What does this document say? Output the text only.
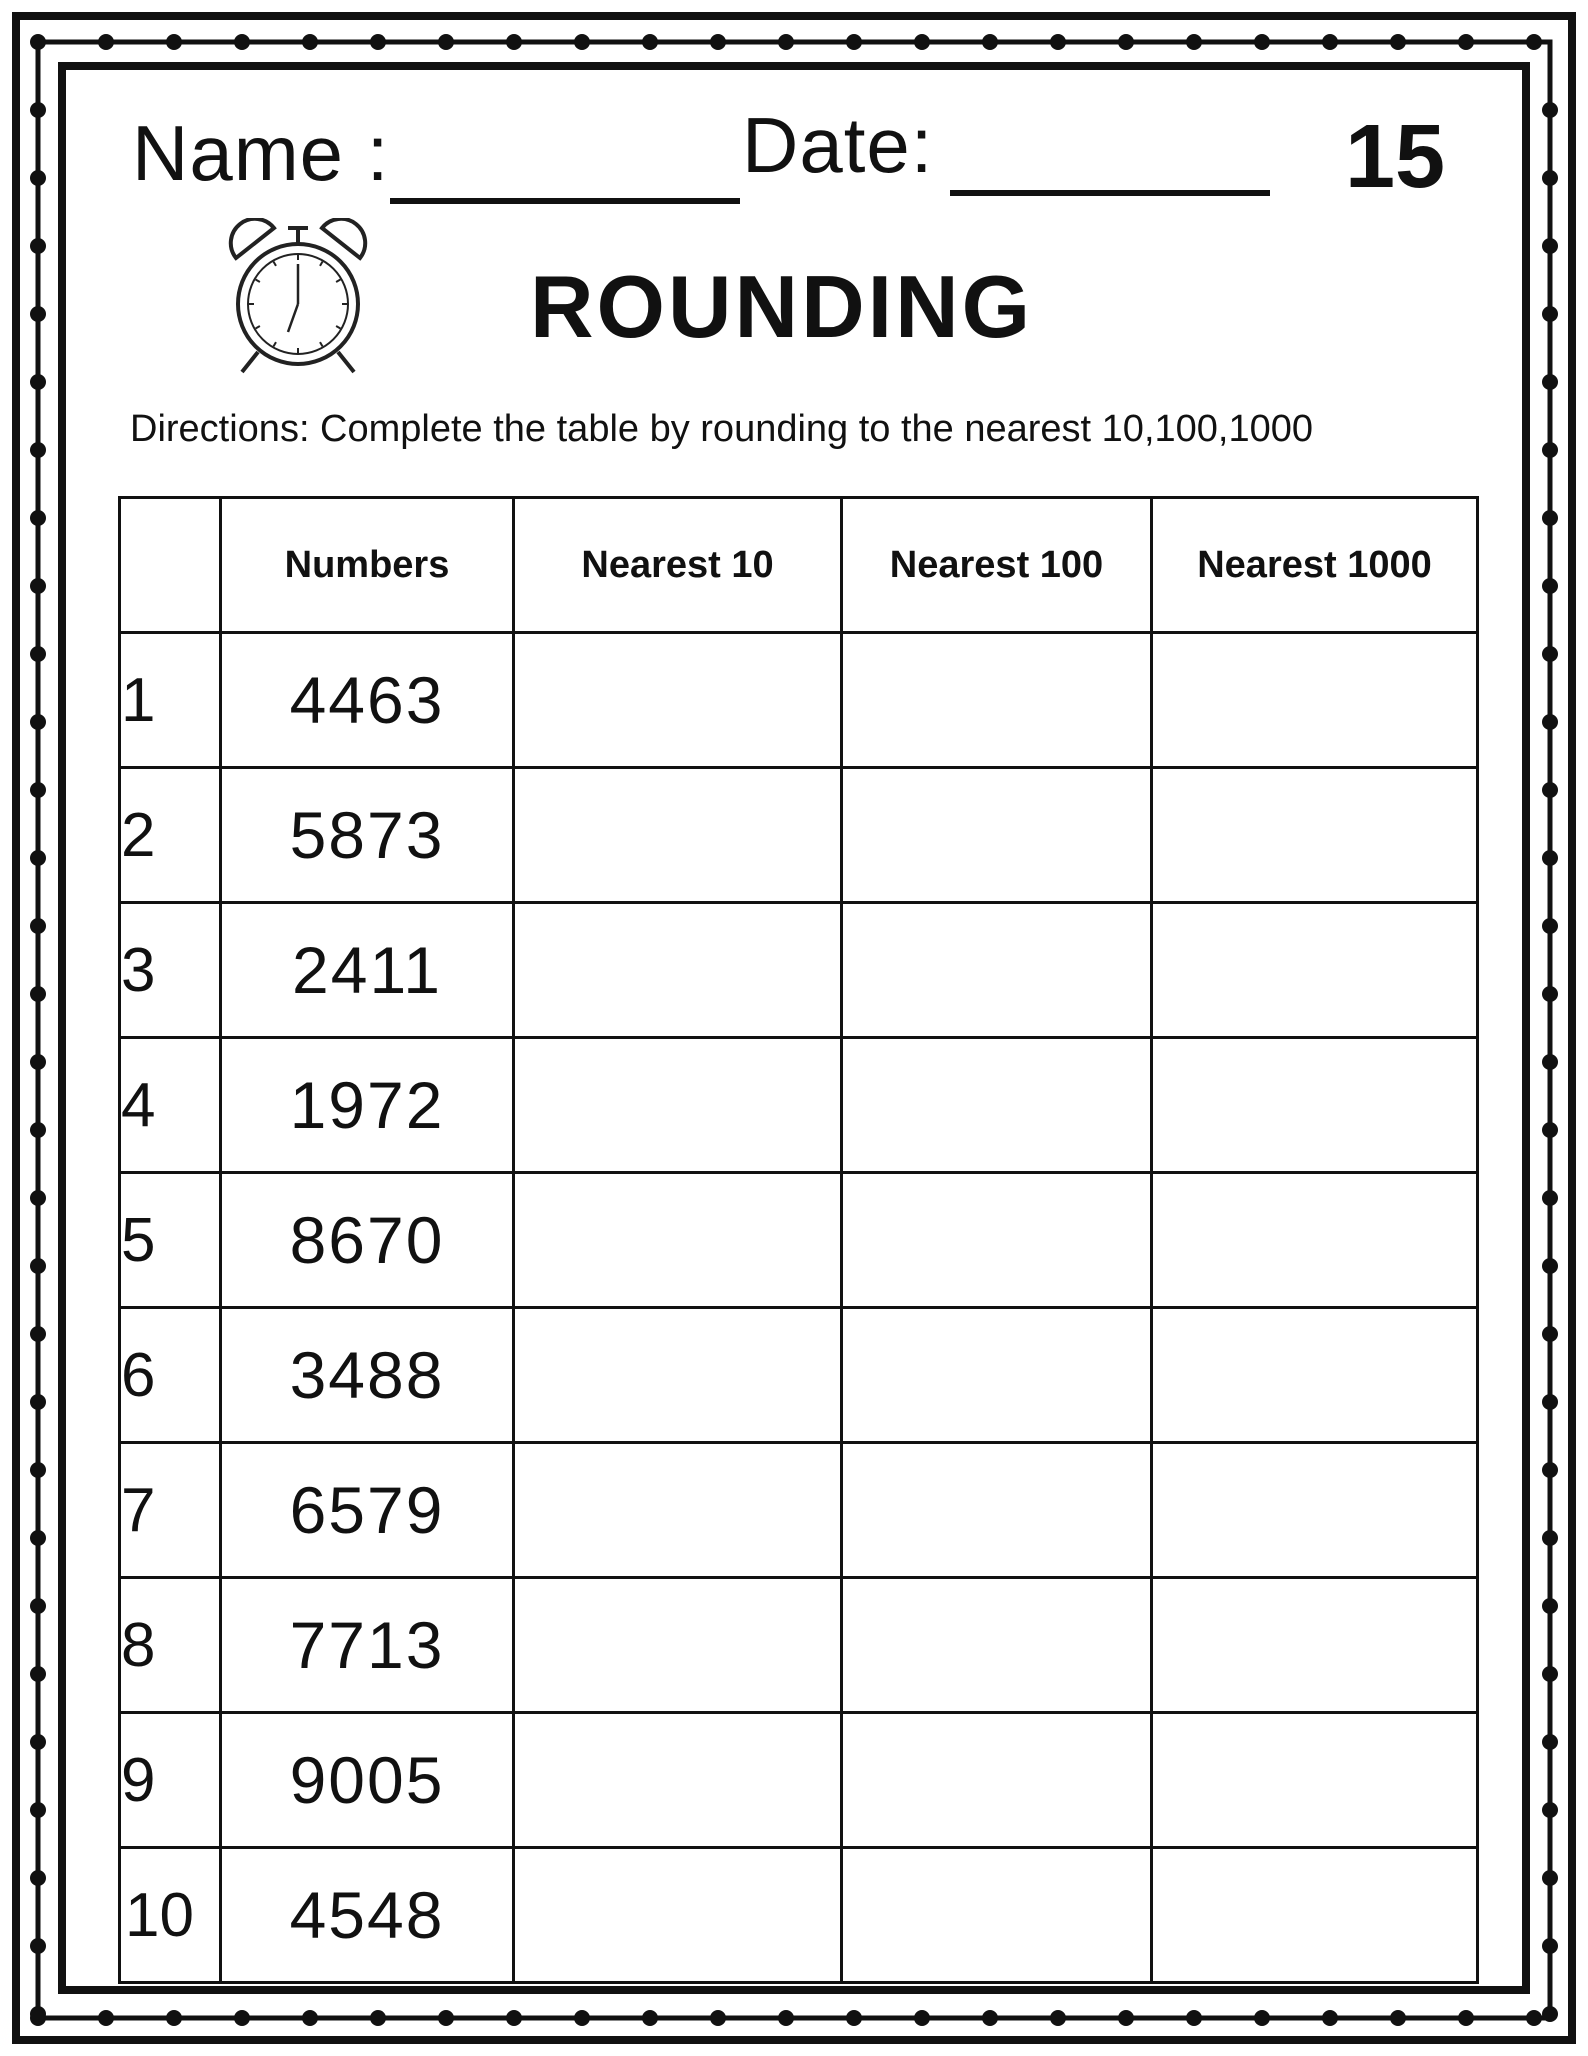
Name :	Date:	15
ROUNDING
Directions: Complete the table by rounding to the nearest 10,100,1000
	Numbers	Nearest 10	Nearest 100	Nearest 1000
1	4463			
2	5873			
3	2411			
4	1972			
5	8670			
6	3488			
7	6579			
8	7713			
9	9005			
10	4548			
